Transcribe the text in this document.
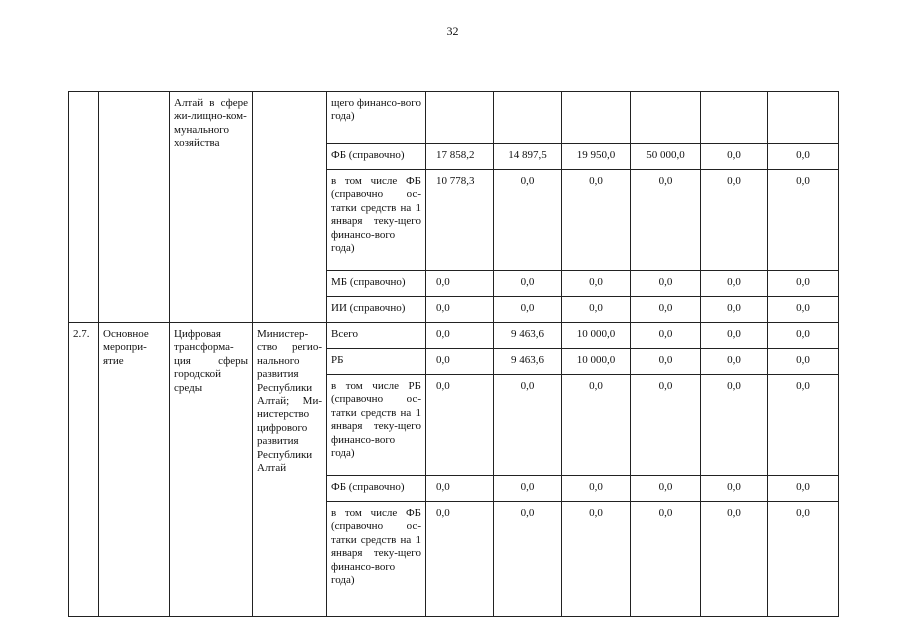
32
		Алтай в сфере жи-лищно-ком-мунального хозяйства		щего финансо-вого года)						
				ФБ (справочно)	17 858,2	14 897,5	19 950,0	50 000,0	0,0	0,0
				в том числе ФБ (справочно ос-татки средств на 1 января теку-щего финансо-вого года)	10 778,3	0,0	0,0	0,0	0,0	0,0
				МБ (справочно)	0,0	0,0	0,0	0,0	0,0	0,0
				ИИ (справочно)	0,0	0,0	0,0	0,0	0,0	0,0
2.7.	Основное меропри-ятие	Цифровая трансформа-ция сферы городской среды	Министер-ство регио-нального развития Республики Алтай; Ми-нистерство цифрового развития Республики Алтай	Всего	0,0	9 463,6	10 000,0	0,0	0,0	0,0
				РБ	0,0	9 463,6	10 000,0	0,0	0,0	0,0
				в том числе РБ (справочно ос-татки средств на 1 января теку-щего финансо-вого года)	0,0	0,0	0,0	0,0	0,0	0,0
				ФБ (справочно)	0,0	0,0	0,0	0,0	0,0	0,0
				в том числе ФБ (справочно ос-татки средств на 1 января теку-щего финансо-вого года)	0,0	0,0	0,0	0,0	0,0	0,0
